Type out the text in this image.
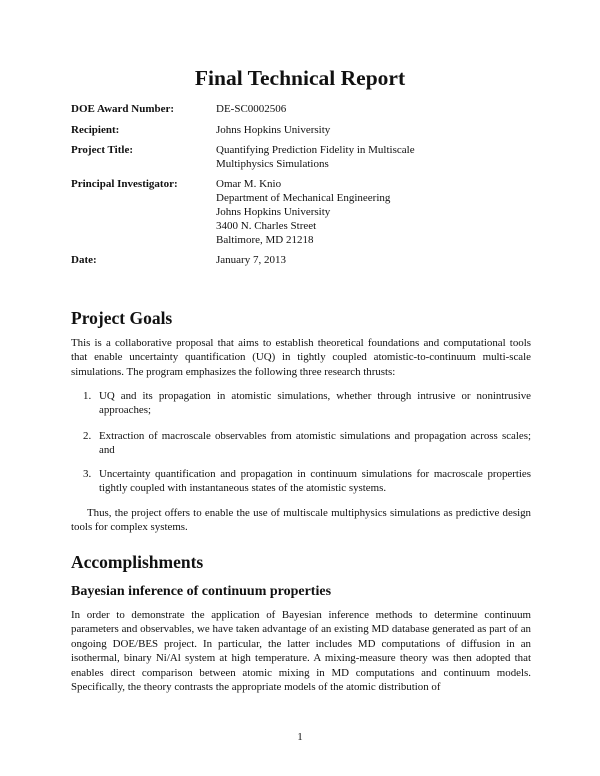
Final Technical Report
DOE Award Number:	DE-SC0002506
Recipient:	Johns Hopkins University
Project Title:	Quantifying Prediction Fidelity in Multiscale
Multiphysics Simulations
Principal Investigator:	Omar M. Knio
Department of Mechanical Engineering
Johns Hopkins University
3400 N. Charles Street
Baltimore, MD 21218
Date:	January 7, 2013
Project Goals
This is a collaborative proposal that aims to establish theoretical foundations and computational tools that enable uncertainty quantification (UQ) in tightly coupled atomistic-to-continuum multi-scale simulations. The program emphasizes the following three research thrusts:
1. UQ and its propagation in atomistic simulations, whether through intrusive or nonintrusive approaches;
2. Extraction of macroscale observables from atomistic simulations and propagation across scales; and
3. Uncertainty quantification and propagation in continuum simulations for macroscale properties tightly coupled with instantaneous states of the atomistic systems.
Thus, the project offers to enable the use of multiscale multiphysics simulations as predictive design tools for complex systems.
Accomplishments
Bayesian inference of continuum properties
In order to demonstrate the application of Bayesian inference methods to determine continuum parameters and observables, we have taken advantage of an existing MD database generated as part of an ongoing DOE/BES project. In particular, the latter includes MD computations of diffusion in an isothermal, binary Ni/Al system at high temperature. A mixing-measure theory was then adopted that enables direct comparison between atomic mixing in MD computations and continuum models. Specifically, the theory contrasts the appropriate models of the atomic distribution of
1
